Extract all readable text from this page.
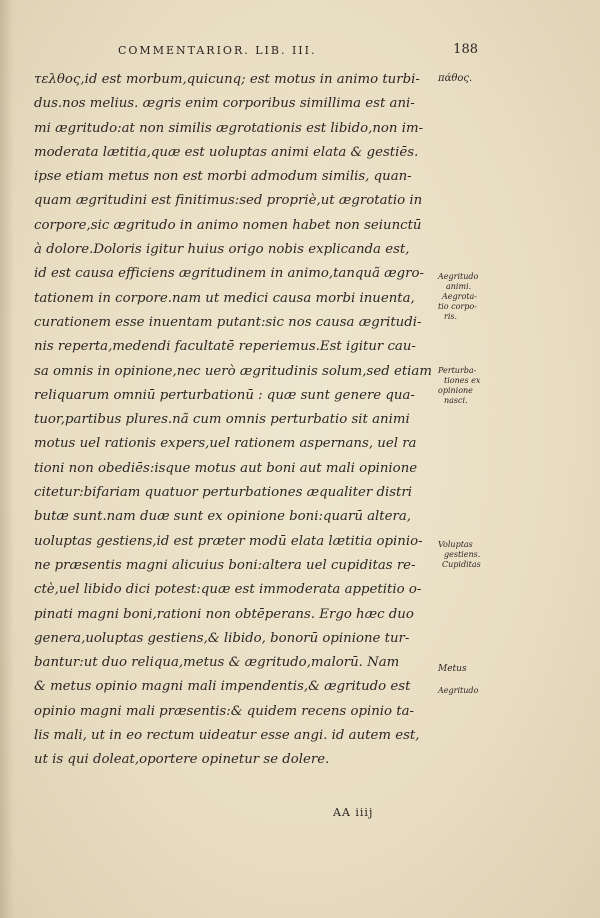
COMMENTARIOR. LIB. III.	188
τελθος,id est morbum,quicunq; est motus in animo turbi-
dus.nos melius. ægris enim corporibus simillima est ani-
mi ægritudo:at non similis ægrotationis est libido,non im-
moderata lætitia,quæ est uoluptas animi elata & gestiēs.
ipse etiam metus non est morbi admodum similis, quan-
quam ægritudini est finitimus:sed propriè,ut ægrotatio in
corpore,sic ægritudo in animo nomen habet non seiunctū
à dolore.Doloris igitur huius origo nobis explicanda est,
id est causa efficiens ægritudinem in animo,tanquã ægro-
tationem in corpore.nam ut medici causa morbi inuenta,
curationem esse inuentam putant:sic nos causa ægritudi-
nis reperta,medendi facultatē reperiemus.Est igitur cau-
sa omnis in opinione,nec uerò ægritudinis solum,sed etiam
reliquarum omniū perturbationū : quæ sunt genere qua-
tuor,partibus plures.nã cum omnis perturbatio sit animi
motus uel rationis expers,uel rationem aspernans, uel ra
tioni non obediēs:isque motus aut boni aut mali opinione
citetur:bifariam quatuor perturbationes æqualiter distri
butæ sunt.nam duæ sunt ex opinione boni:quarū altera,
uoluptas gestiens,id est præter modū elata lætitia opinio-
ne præsentis magni alicuius boni:altera uel cupiditas re-
ctè,uel libido dici potest:quæ est immoderata appetitio o-
pinati magni boni,rationi non obtēperans. Ergo hæc duo
genera,uoluptas gestiens,& libido, bonorū opinione tur-
bantur:ut duo reliqua,metus & ægritudo,malorū. Nam
& metus opinio magni mali impendentis,& ægritudo est
opinio magni mali præsentis:& quidem recens opinio ta-
lis mali, ut in eo rectum uideatur esse angi. id autem est,
ut is qui doleat,oportere opinetur se dolere.
πάθος.
Aegritudo
animi.
Aegrota-
tio corpo-
ris.
Perturba-
tiones ex
opinione
nasci.
Voluptas
gestiens.
Cupiditas
Metus
Aegritudo
AA iiij
